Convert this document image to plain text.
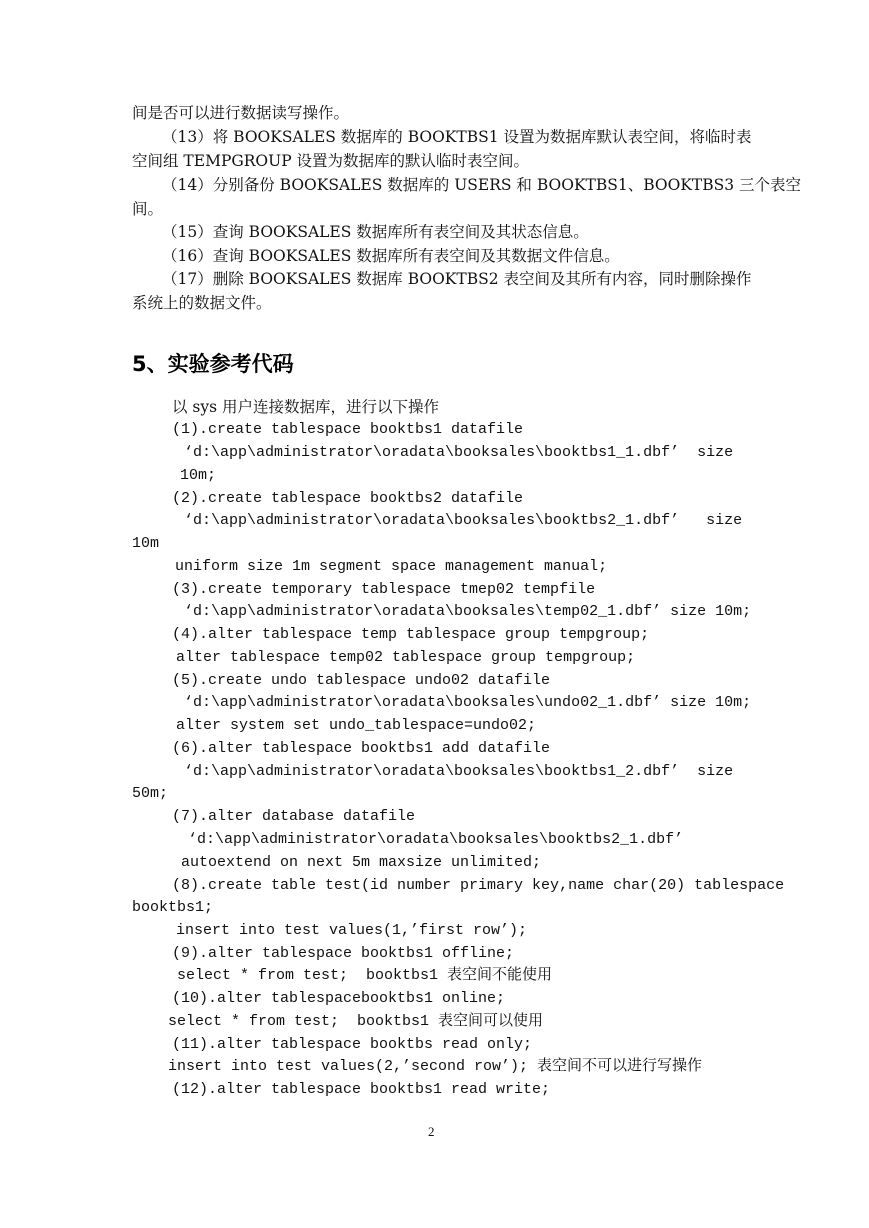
间是否可以进行数据读写操作。
（13）将 BOOKSALES 数据库的 BOOKTBS1 设置为数据库默认表空间，将临时表
空间组 TEMPGROUP 设置为数据库的默认临时表空间。
（14）分别备份 BOOKSALES 数据库的 USERS 和 BOOKTBS1、BOOKTBS3 三个表空
间。
（15）查询 BOOKSALES 数据库所有表空间及其状态信息。
（16）查询 BOOKSALES 数据库所有表空间及其数据文件信息。
（17）删除 BOOKSALES 数据库 BOOKTBS2 表空间及其所有内容，同时删除操作
系统上的数据文件。
5、实验参考代码
以 sys 用户连接数据库，进行以下操作
(1).create tablespace booktbs1 datafile
‘d:\app\administrator\oradata\booksales\booktbs1_1.dbf’  size
10m;
(2).create tablespace booktbs2 datafile
‘d:\app\administrator\oradata\booksales\booktbs2_1.dbf’   size
10m
uniform size 1m segment space management manual;
(3).create temporary tablespace tmep02 tempfile
‘d:\app\administrator\oradata\booksales\temp02_1.dbf’ size 10m;
(4).alter tablespace temp tablespace group tempgroup;
alter tablespace temp02 tablespace group tempgroup;
(5).create undo tablespace undo02 datafile
‘d:\app\administrator\oradata\booksales\undo02_1.dbf’ size 10m;
alter system set undo_tablespace=undo02;
(6).alter tablespace booktbs1 add datafile
‘d:\app\administrator\oradata\booksales\booktbs1_2.dbf’  size
50m;
(7).alter database datafile
‘d:\app\administrator\oradata\booksales\booktbs2_1.dbf’
autoextend on next 5m maxsize unlimited;
(8).create table test(id number primary key,name char(20) tablespace
booktbs1;
insert into test values(1,’first row’);
(9).alter tablespace booktbs1 offline;
select * from test;  booktbs1 表空间不能使用
(10).alter tablespacebooktbs1 online;
select * from test;  booktbs1 表空间可以使用
(11).alter tablespace booktbs read only;
insert into test values(2,’second row’); 表空间不可以进行写操作
(12).alter tablespace booktbs1 read write;
2
